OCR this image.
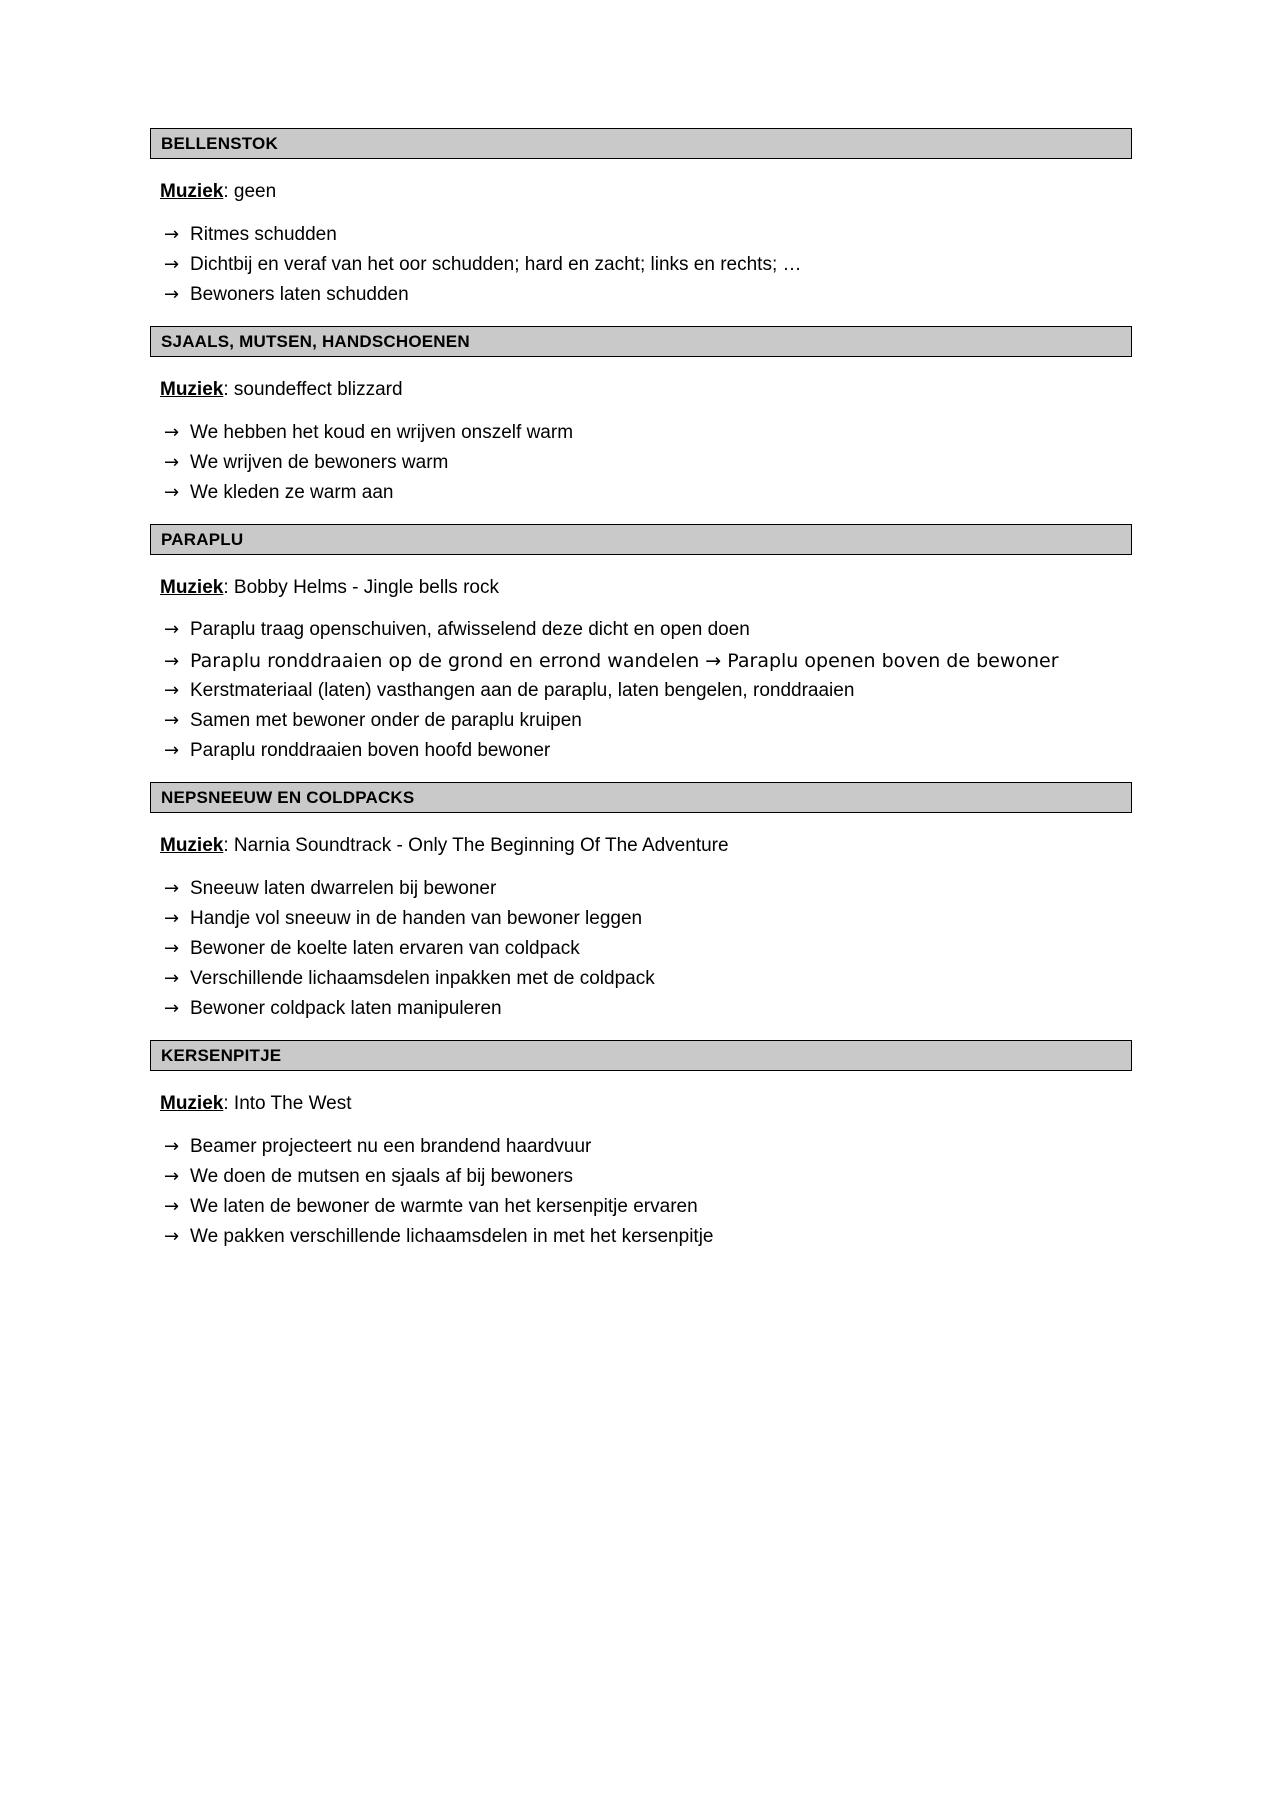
BELLENSTOK
Muziek: geen
→ Ritmes schudden
→ Dichtbij en veraf van het oor schudden; hard en zacht; links en rechts; …
→ Bewoners laten schudden
SJAALS, MUTSEN, HANDSCHOENEN
Muziek: soundeffect blizzard
→ We hebben het koud en wrijven onszelf warm
→ We wrijven de bewoners warm
→ We kleden ze warm aan
PARAPLU
Muziek: Bobby Helms - Jingle bells rock
→ Paraplu traag openschuiven, afwisselend deze dicht en open doen
→ Paraplu ronddraaien op de grond en errond wandelen → Paraplu openen boven de bewoner
→ Kerstmateriaal (laten) vasthangen aan de paraplu, laten bengelen, ronddraaien
→ Samen met bewoner onder de paraplu kruipen
→ Paraplu ronddraaien boven hoofd bewoner
NEPSNEEUW EN COLDPACKS
Muziek: Narnia Soundtrack - Only The Beginning Of The Adventure
→ Sneeuw laten dwarrelen bij bewoner
→ Handje vol sneeuw in de handen van bewoner leggen
→ Bewoner de koelte laten ervaren van coldpack
→ Verschillende lichaamsdelen inpakken met de coldpack
→ Bewoner coldpack laten manipuleren
KERSENPITJE
Muziek: Into The West
→ Beamer projecteert nu een brandend haardvuur
→ We doen de mutsen en sjaals af bij bewoners
→ We laten de bewoner de warmte van het kersenpitje ervaren
→ We pakken verschillende lichaamsdelen in met het kersenpitje
